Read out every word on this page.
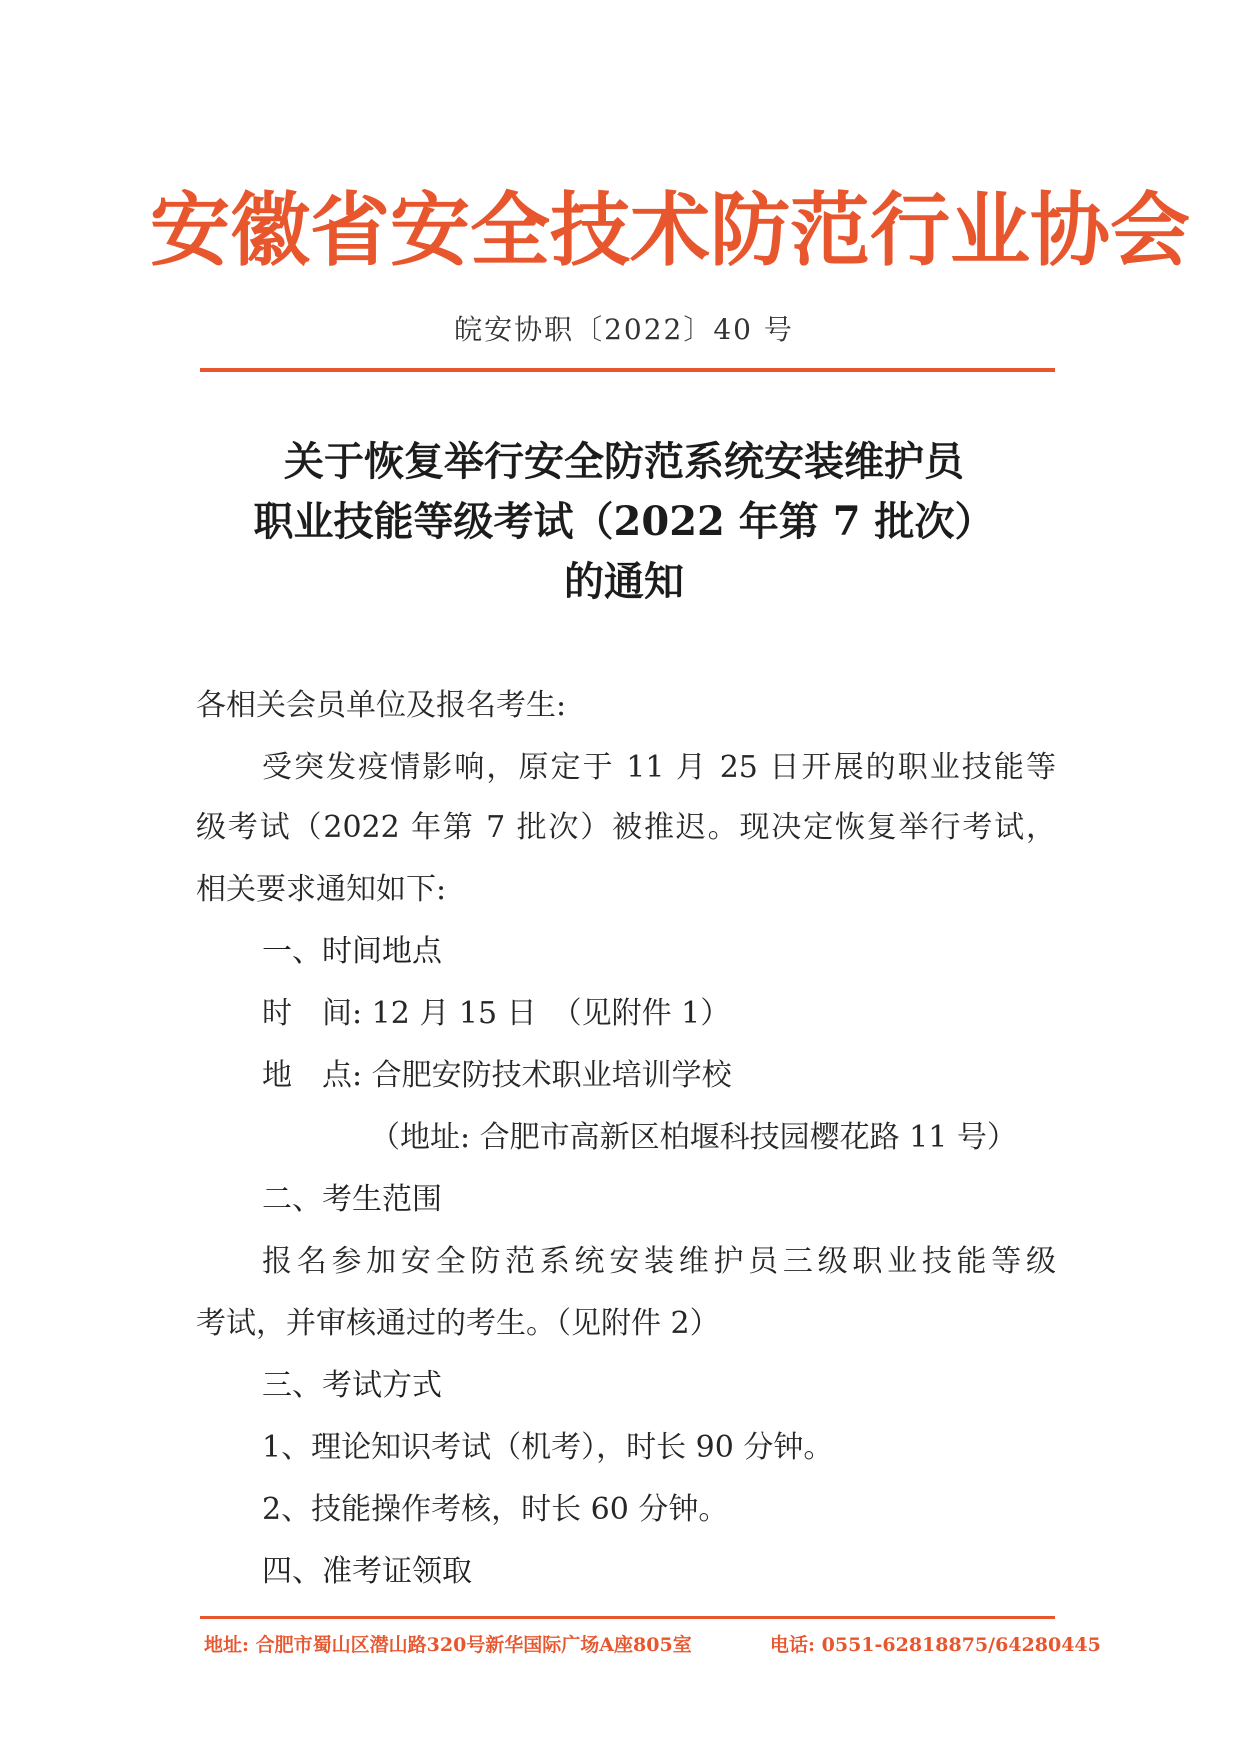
安徽省安全技术防范行业协会
皖安协职〔2022〕40 号
关于恢复举行安全防范系统安装维护员
职业技能等级考试（2022 年第 7 批次）
的通知
各相关会员单位及报名考生:
受突发疫情影响，原定于 11 月 25 日开展的职业技能等
级考试（2022 年第 7 批次）被推迟。现决定恢复举行考试，
相关要求通知如下:
一、时间地点
时　间: 12 月 15 日　（见附件 1）
地　点: 合肥安防技术职业培训学校
（地址: 合肥市高新区柏堰科技园樱花路 11 号）
二、考生范围
报名参加安全防范系统安装维护员三级职业技能等级
考试，并审核通过的考生。（见附件 2）
三、考试方式
1、理论知识考试（机考），时长 90 分钟。
2、技能操作考核，时长 60 分钟。
四、准考证领取
地址: 合肥市蜀山区潜山路320号新华国际广场A座805室	电话: 0551-62818875/64280445
